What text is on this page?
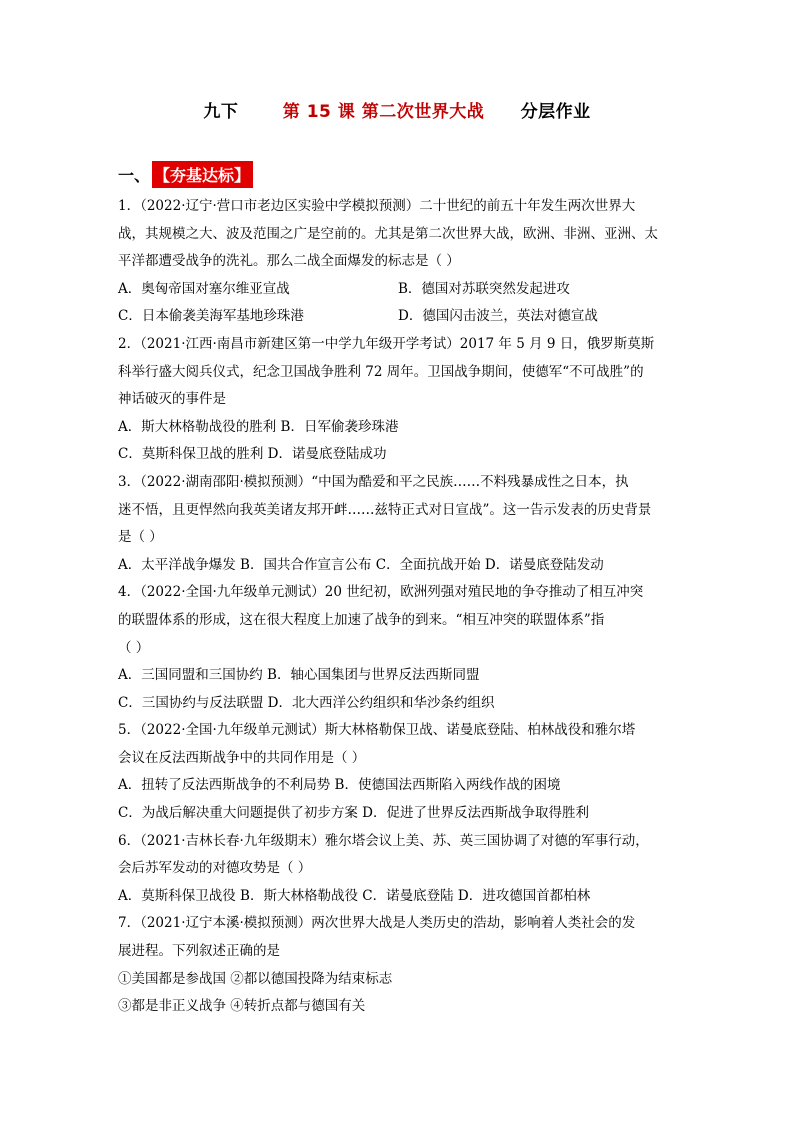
九下	第 15 课 第二次世界大战 分层作业
一、 【夯基达标】
1．（2022·辽宁·营口市老边区实验中学模拟预测）二十世纪的前五十年发生两次世界大
战，其规模之大、波及范围之广是空前的。尤其是第二次世界大战，欧洲、非洲、亚洲、太
平洋都遭受战争的洗礼。那么二战全面爆发的标志是（ ）
A．奥匈帝国对塞尔维亚宣战	B．德国对苏联突然发起进攻
C．日本偷袭美海军基地珍珠港	D．德国闪击波兰，英法对德宣战
2．（2021·江西·南昌市新建区第一中学九年级开学考试）2017 年 5 月 9 日，俄罗斯莫斯
科举行盛大阅兵仪式，纪念卫国战争胜利 72 周年。卫国战争期间，使德军“不可战胜”的
神话破灭的事件是
A．斯大林格勒战役的胜利 B．日军偷袭珍珠港
C．莫斯科保卫战的胜利 D．诺曼底登陆成功
3．（2022·湖南邵阳·模拟预测）“中国为酷爱和平之民族……不料残暴成性之日本，执
迷不悟，且更悍然向我英美诸友邦开衅……兹特正式对日宣战”。这一告示发表的历史背景
是（ ）
A．太平洋战争爆发 B．国共合作宣言公布 C．全面抗战开始 D．诺曼底登陆发动
4．（2022·全国·九年级单元测试）20 世纪初，欧洲列强对殖民地的争夺推动了相互冲突
的联盟体系的形成，这在很大程度上加速了战争的到来。“相互冲突的联盟体系”指
（ ）
A．三国同盟和三国协约 B．轴心国集团与世界反法西斯同盟
C．三国协约与反法联盟 D．北大西洋公约组织和华沙条约组织
5．（2022·全国·九年级单元测试）斯大林格勒保卫战、诺曼底登陆、柏林战役和雅尔塔
会议在反法西斯战争中的共同作用是（ ）
A．扭转了反法西斯战争的不利局势 B．使德国法西斯陷入两线作战的困境
C．为战后解决重大问题提供了初步方案 D．促进了世界反法西斯战争取得胜利
6．（2021·吉林长春·九年级期末）雅尔塔会议上美、苏、英三国协调了对德的军事行动，
会后苏军发动的对德攻势是（ ）
A．莫斯科保卫战役 B．斯大林格勒战役 C．诺曼底登陆 D．进攻德国首都柏林
7．（2021·辽宁本溪·模拟预测）两次世界大战是人类历史的浩劫，影响着人类社会的发
展进程。下列叙述正确的是
①美国都是参战国 ②都以德国投降为结束标志
③都是非正义战争 ④转折点都与德国有关
